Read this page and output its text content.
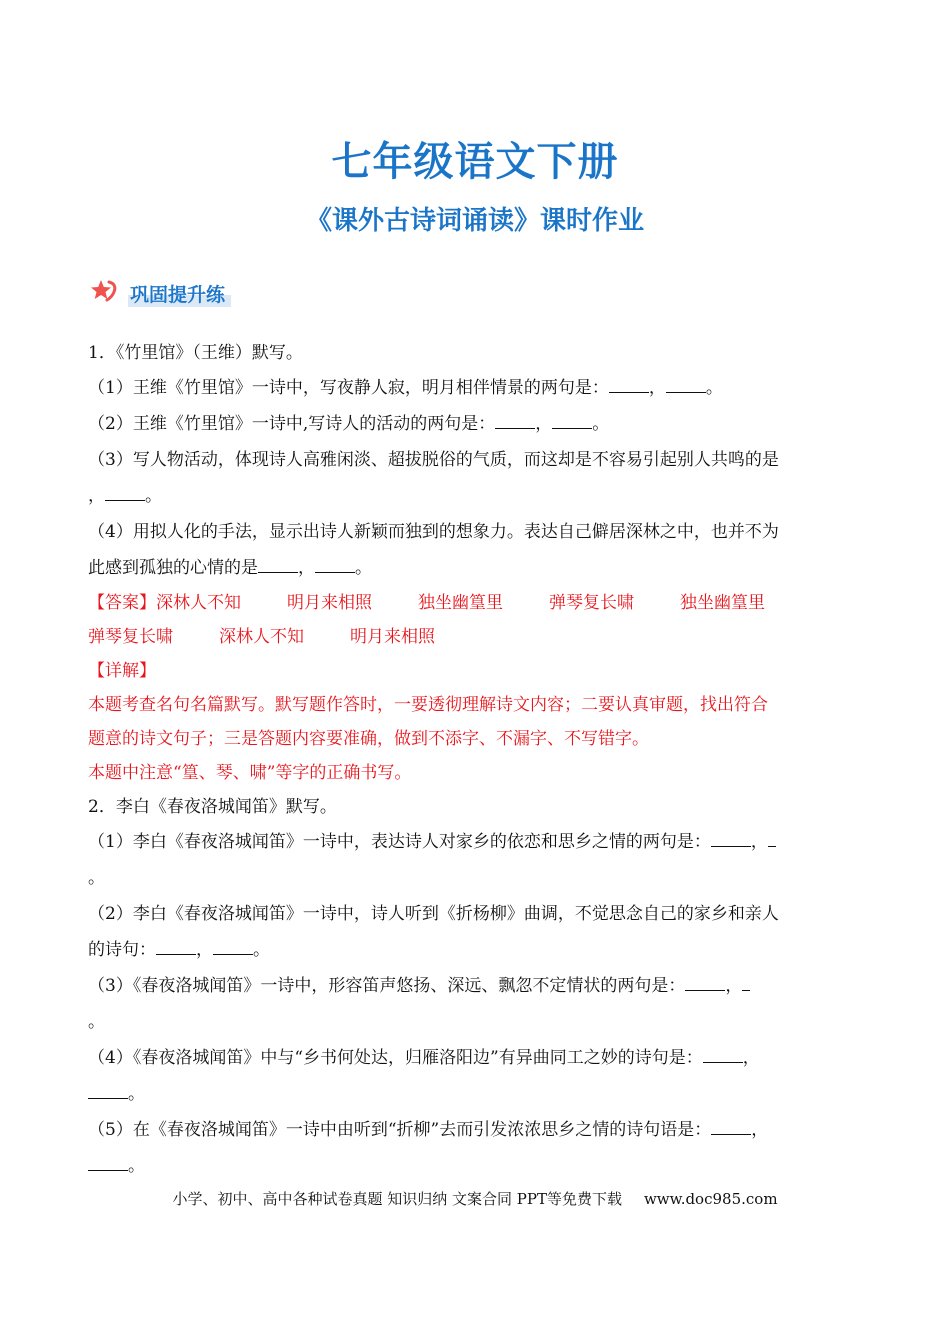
七年级语文下册
《课外古诗词诵读》课时作业
巩固提升练
1．《竹里馆》（王维）默写。
（1）王维《竹里馆》一诗中，写夜静人寂，明月相伴情景的两句是： ， 。
（2）王维《竹里馆》一诗中,写诗人的活动的两句是： ， 。
（3）写人物活动，体现诗人高雅闲淡、超拔脱俗的气质，而这却是不容易引起别人共鸣的是
， 。
（4）用拟人化的手法，显示出诗人新颖而独到的想象力。表达自己僻居深林之中，也并不为
此感到孤独的心情的是 ， 。
【答案】深林人不知	明月来相照	独坐幽篁里	弹琴复长啸	独坐幽篁里
弹琴复长啸	深林人不知	明月来相照
【详解】
本题考查名句名篇默写。默写题作答时，一要透彻理解诗文内容；二要认真审题，找出符合
题意的诗文句子；三是答题内容要准确，做到不添字、不漏字、不写错字。
本题中注意“篁、琴、啸”等字的正确书写。
2．李白《春夜洛城闻笛》默写。
（1）李白《春夜洛城闻笛》一诗中，表达诗人对家乡的依恋和思乡之情的两句是： ，
。
（2）李白《春夜洛城闻笛》一诗中，诗人听到《折杨柳》曲调，不觉思念自己的家乡和亲人
的诗句： ， 。
（3）《春夜洛城闻笛》一诗中，形容笛声悠扬、深远、飘忽不定情状的两句是： ，
。
（4）《春夜洛城闻笛》中与“乡书何处达，归雁洛阳边”有异曲同工之妙的诗句是： ，
。
（5）在《春夜洛城闻笛》一诗中由听到“折柳”去而引发浓浓思乡之情的诗句语是： ，
。
小学、初中、高中各种试卷真题 知识归纳 文案合同 PPT等免费下载 www.doc985.com
